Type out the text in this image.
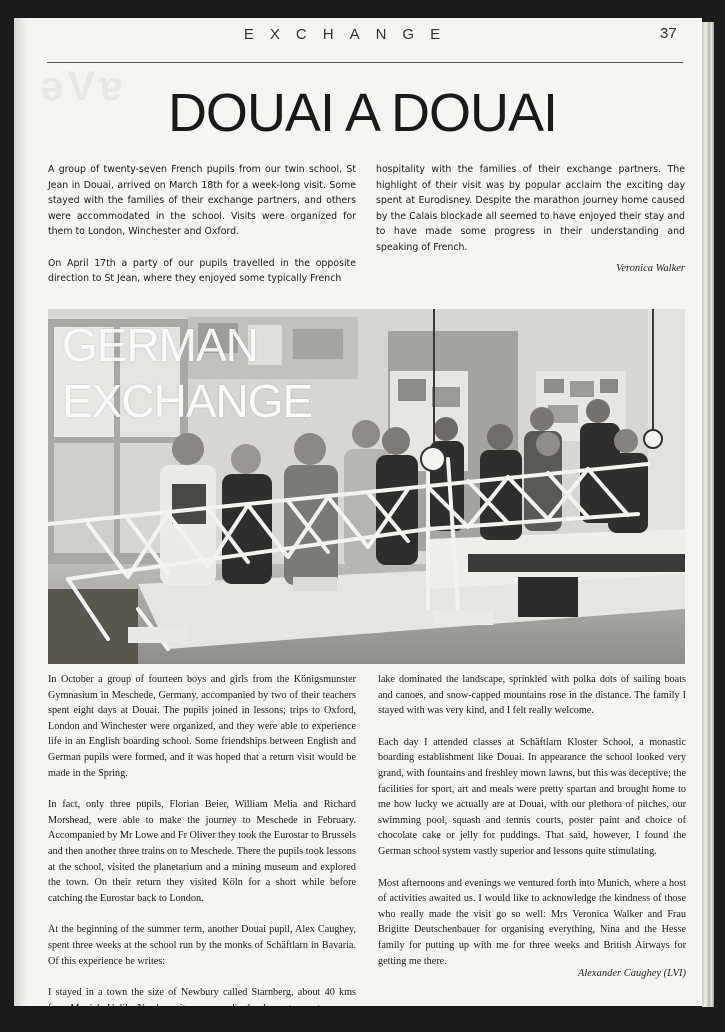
ǝVɐ
EXCHANGE	37
DOUAI A DOUAI

A group of twenty-seven French pupils from our twin school, St Jean in Douai, arrived on March 18th for a week-long visit. Some stayed with the families of their exchange partners, and others were accommodated in the school. Visits were organized for them to London, Winchester and Oxford.

On April 17th a party of our pupils travelled in the opposite direction to St Jean, where they enjoyed some typically French

hospitality with the families of their exchange partners. The highlight of their visit was by popular acclaim the exciting day spent at Eurodisney. Despite the marathon journey home caused by the Calais blockade all seemed to have enjoyed their stay and to have made some progress in their understanding and speaking of French.

Veronica Walker
GERMAN
EXCHANGE

In October a group of fourteen boys and girls from the Königsmunster Gymnasium in Meschede, Germany, accompanied by two of their teachers spent eight days at Douai. The pupils joined in lessons; trips to Oxford, London and Winchester were organized, and they were able to experience life in an English boarding school. Some friendships between English and German pupils were formed, and it was hoped that a return visit would be made in the Spring.

In fact, only three pupils, Florian Beier, William Melia and Richard Morshead, were able to make the journey to Meschede in February. Accompanied by Mr Lowe and Fr Oliver they took the Eurostar to Brussels and then another three trains on to Meschede. There the pupils took lessons at the school, visited the planetarium and a mining museum and explored the town. On their return they visited Köln for a short while before catching the Eurostar back to London.

At the beginning of the summer term, another Douai pupil, Alex Caughey, spent three weeks at the school run by the monks of Schäftlarn in Bavaria. Of this experience he writes:

I stayed in a town the size of Newbury called Starnberg, about 40 kms from Munich. Unlike Newbury, it was exceedingly pleasant: a vast

lake dominated the landscape, sprinkled with polka dots of sailing boats and canoes, and snow-capped mountains rose in the distance. The family I stayed with was very kind, and I felt really welcome.

Each day I attended classes at Schäftlarn Kloster School, a monastic boarding establishment like Douai. In appearance the school looked very grand, with fountains and freshley mown lawns, but this was deceptive; the facilities for sport, art and meals were pretty spartan and brought home to me how lucky we actually are at Douai, with our plethora of pitches, our swimming pool, squash and tennis courts, poster paint and choice of chocolate cake or jelly for puddings. That said, however, I found the German school system vastly superior and lessons quite stimulating.

Most afternoons and evenings we ventured forth into Munich, where a host of activities awaited us. I would like to acknowledge the kindness of those who really made the visit go so well: Mrs Veronica Walker and Frau Brigitte Deutschenbauer for organising everything, Nina and the Hesse family for putting up with me for three weeks and British Airways for getting me there.

Alexander Caughey (LVI)
